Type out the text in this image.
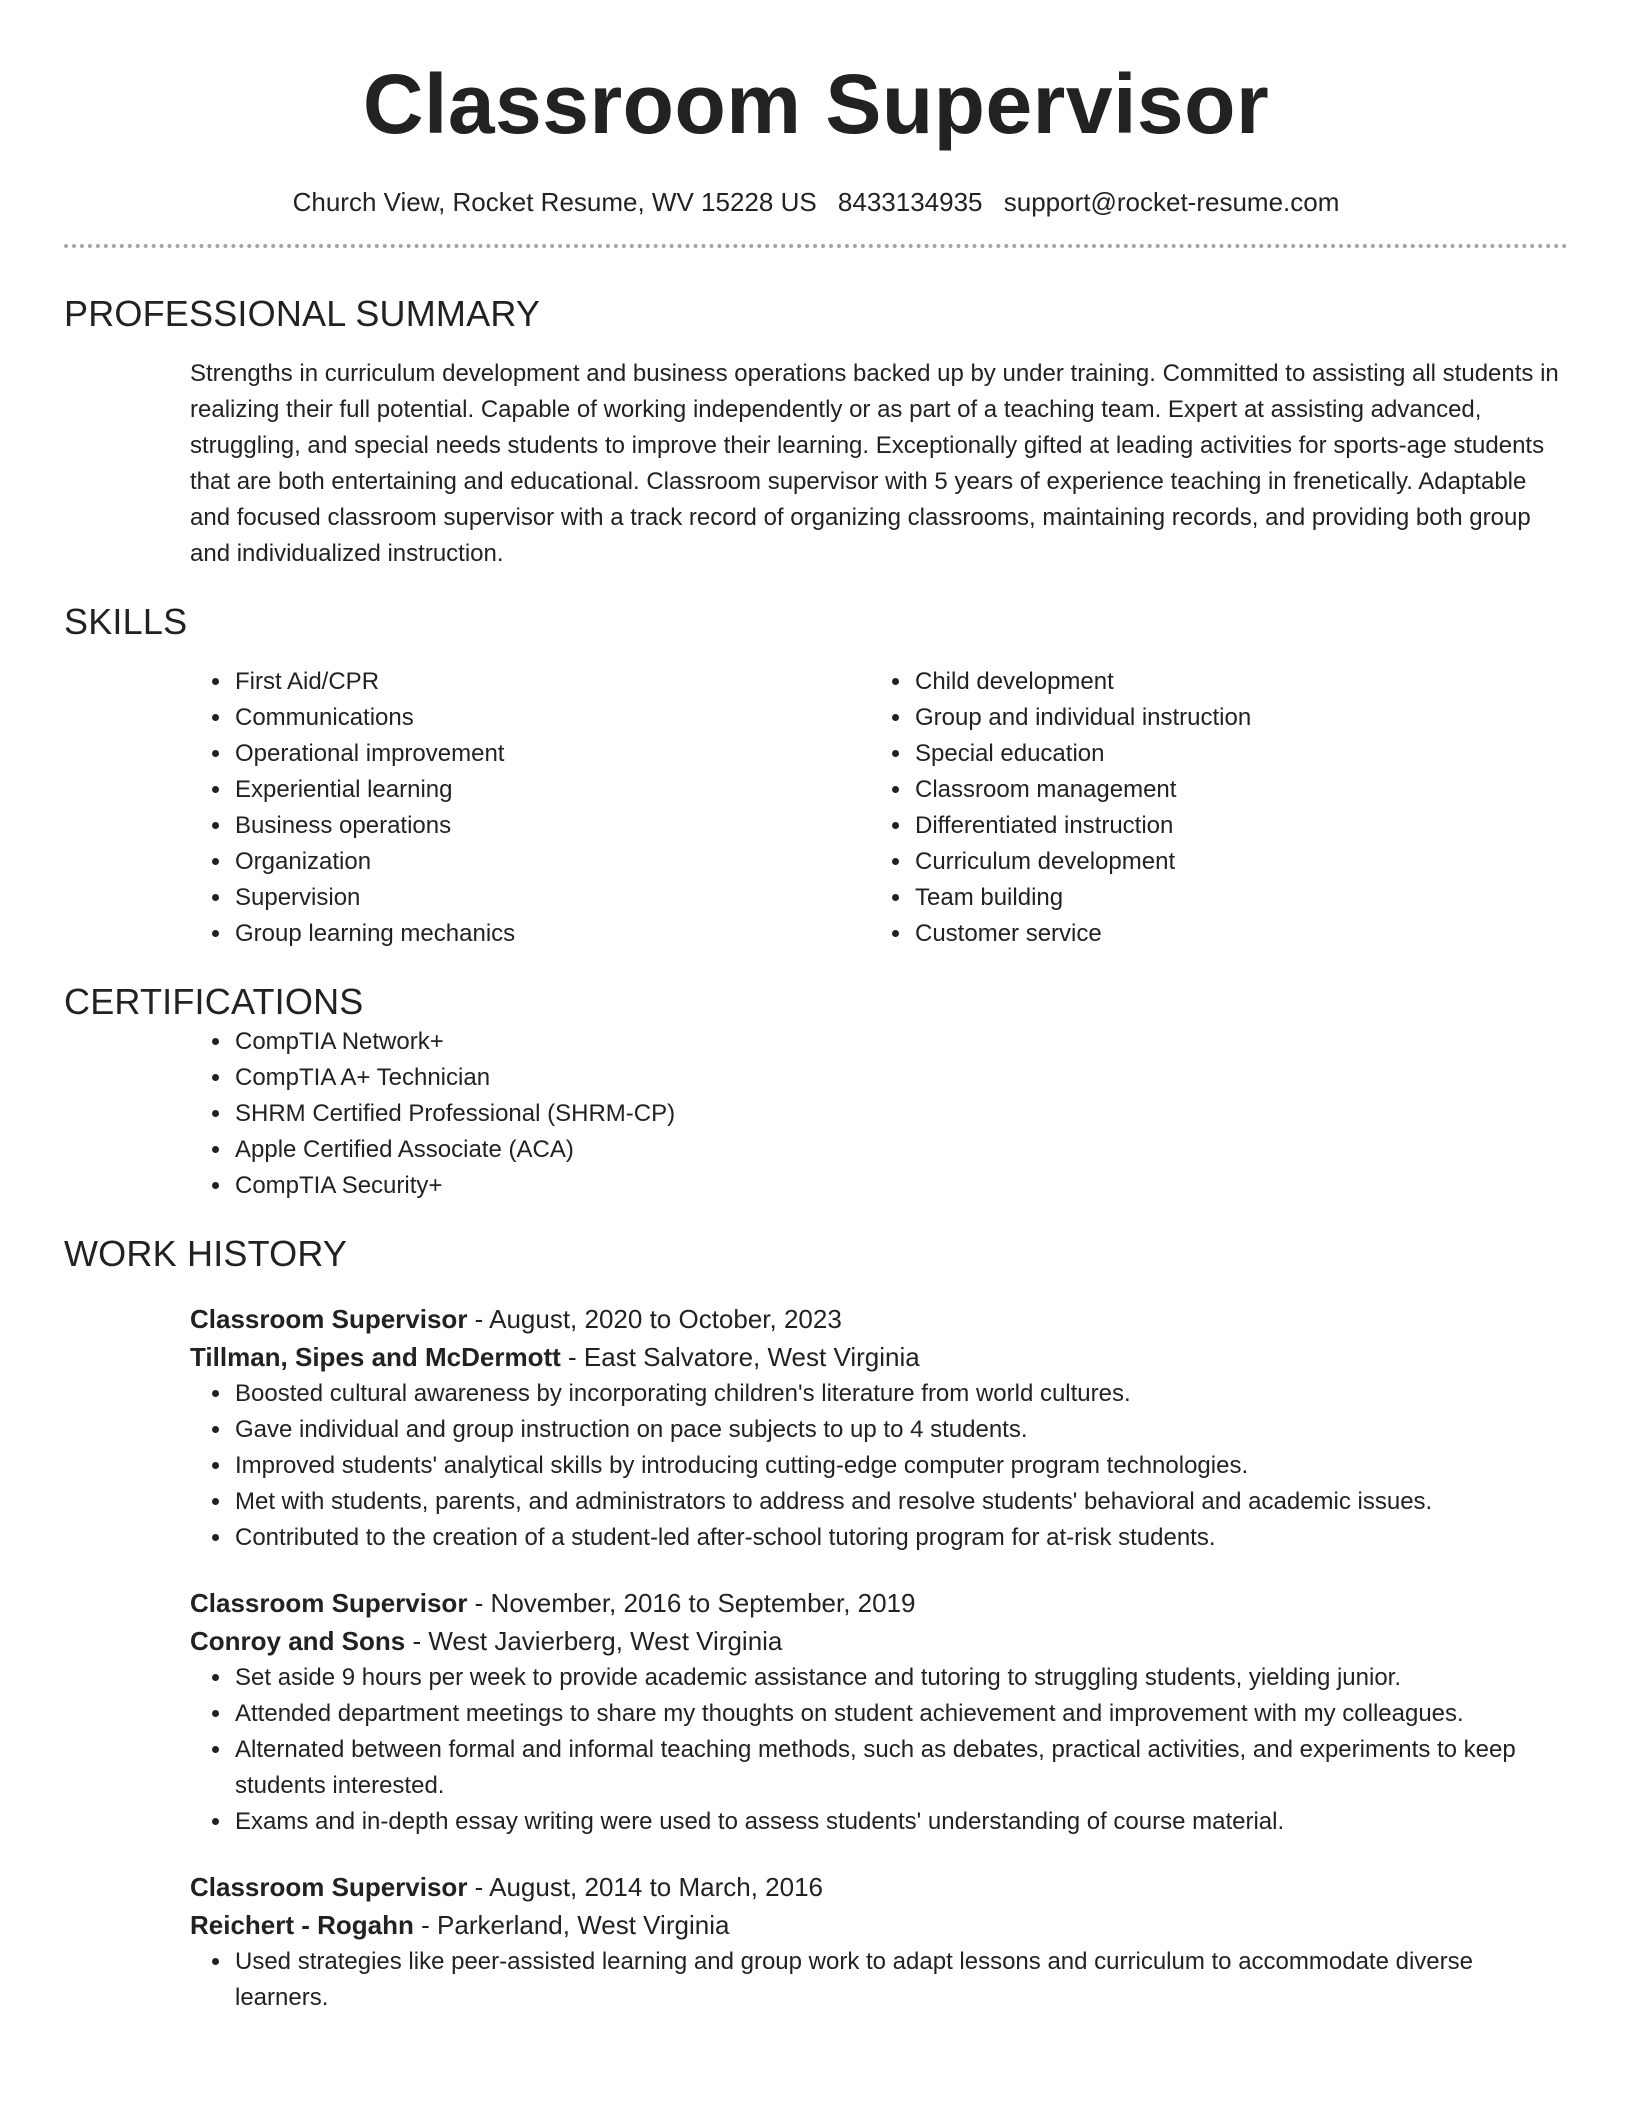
Classroom Supervisor
Church View, Rocket Resume, WV 15228 US 8433134935 support@rocket-resume.com
PROFESSIONAL SUMMARY

Strengths in curriculum development and business operations backed up by under training. Committed to assisting all students in realizing their full potential. Capable of working independently or as part of a teaching team. Expert at assisting advanced, struggling, and special needs students to improve their learning. Exceptionally gifted at leading activities for sports-age students that are both entertaining and educational. Classroom supervisor with 5 years of experience teaching in frenetically. Adaptable and focused classroom supervisor with a track record of organizing classrooms, maintaining records, and providing both group and individualized instruction.

SKILLS
• First Aid/CPR
• Communications
• Operational improvement
• Experiential learning
• Business operations
• Organization
• Supervision
• Group learning mechanics
• Child development
• Group and individual instruction
• Special education
• Classroom management
• Differentiated instruction
• Curriculum development
• Team building
• Customer service
CERTIFICATIONS
• CompTIA Network+
• CompTIA A+ Technician
• SHRM Certified Professional (SHRM-CP)
• Apple Certified Associate (ACA)
• CompTIA Security+
WORK HISTORY
Classroom Supervisor - August, 2020 to October, 2023
Tillman, Sipes and McDermott - East Salvatore, West Virginia
• Boosted cultural awareness by incorporating children's literature from world cultures.
• Gave individual and group instruction on pace subjects to up to 4 students.
• Improved students' analytical skills by introducing cutting-edge computer program technologies.
• Met with students, parents, and administrators to address and resolve students' behavioral and academic issues.
• Contributed to the creation of a student-led after-school tutoring program for at-risk students.
Classroom Supervisor - November, 2016 to September, 2019
Conroy and Sons - West Javierberg, West Virginia
• Set aside 9 hours per week to provide academic assistance and tutoring to struggling students, yielding junior.
• Attended department meetings to share my thoughts on student achievement and improvement with my colleagues.
• Alternated between formal and informal teaching methods, such as debates, practical activities, and experiments to keep students interested.
• Exams and in-depth essay writing were used to assess students' understanding of course material.
Classroom Supervisor - August, 2014 to March, 2016
Reichert - Rogahn - Parkerland, West Virginia
• Used strategies like peer-assisted learning and group work to adapt lessons and curriculum to accommodate diverse learners.
